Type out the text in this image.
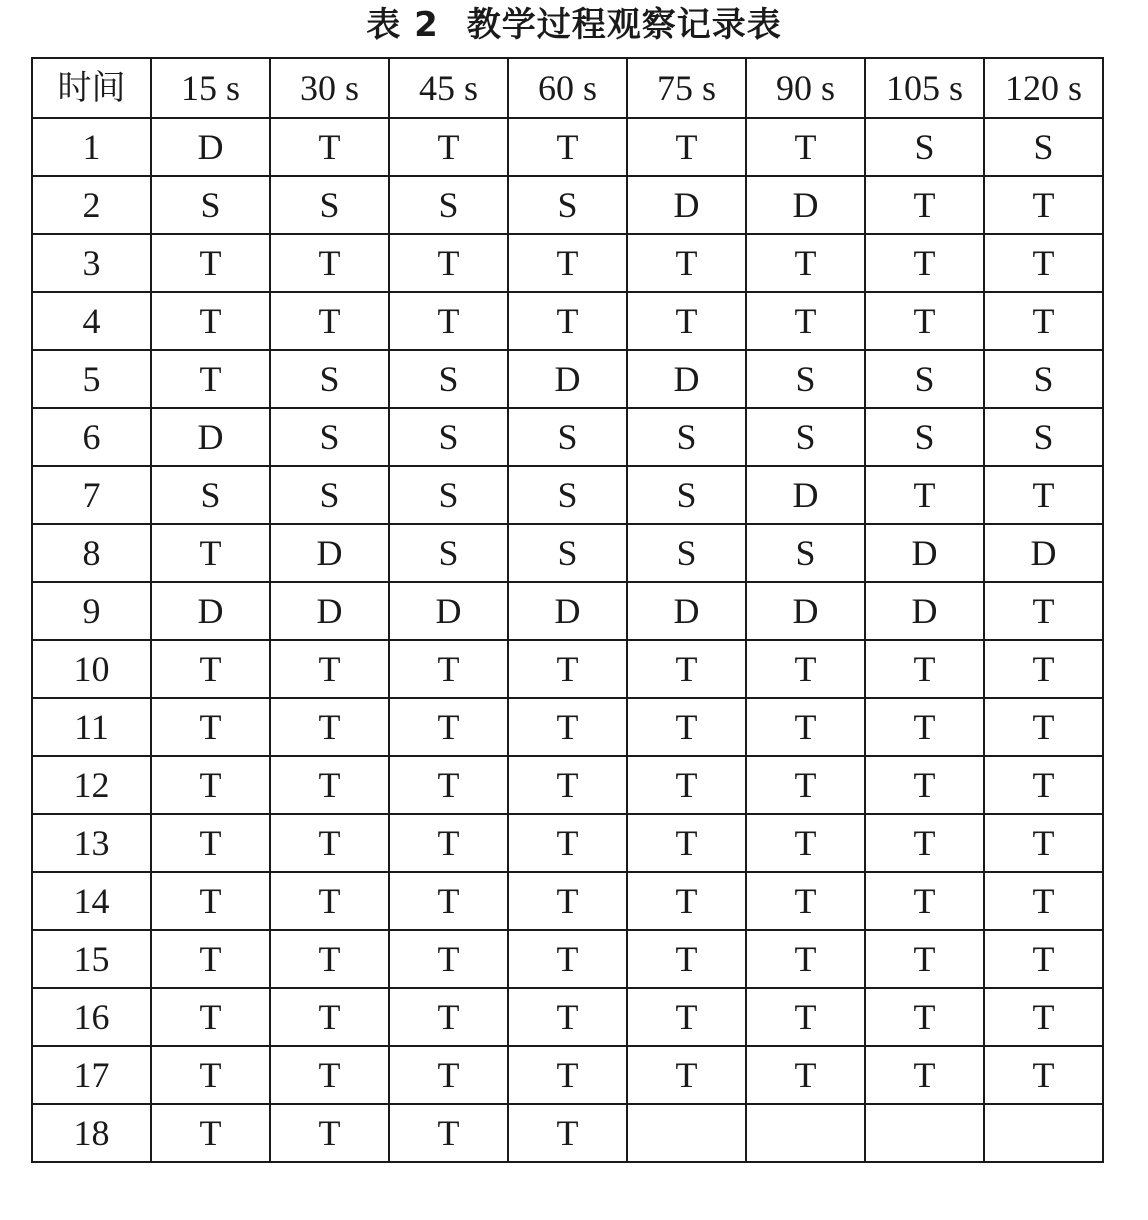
表 2 教学过程观察记录表
时间	15 s	30 s	45 s	60 s	75 s	90 s	105 s	120 s
1	D	T	T	T	T	T	S	S
2	S	S	S	S	D	D	T	T
3	T	T	T	T	T	T	T	T
4	T	T	T	T	T	T	T	T
5	T	S	S	D	D	S	S	S
6	D	S	S	S	S	S	S	S
7	S	S	S	S	S	D	T	T
8	T	D	S	S	S	S	D	D
9	D	D	D	D	D	D	D	T
10	T	T	T	T	T	T	T	T
11	T	T	T	T	T	T	T	T
12	T	T	T	T	T	T	T	T
13	T	T	T	T	T	T	T	T
14	T	T	T	T	T	T	T	T
15	T	T	T	T	T	T	T	T
16	T	T	T	T	T	T	T	T
17	T	T	T	T	T	T	T	T
18	T	T	T	T				
